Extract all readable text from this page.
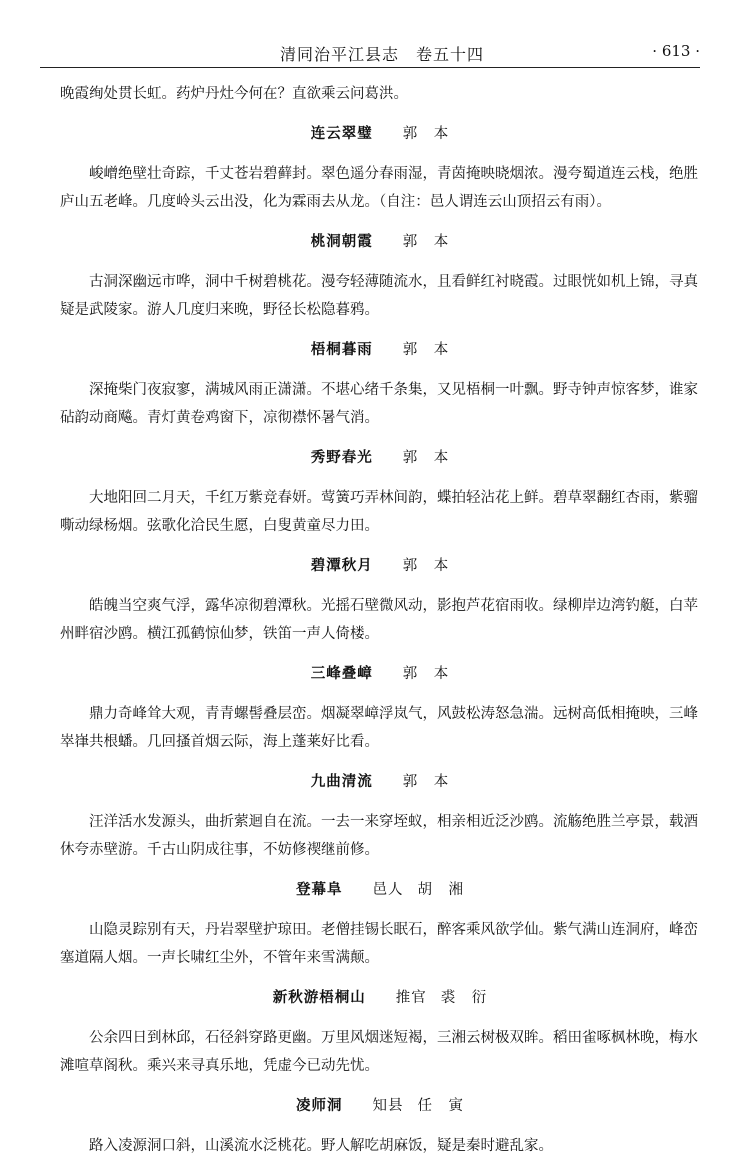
清同治平江县志　卷五十四	· 613 ·

晚霞绚处贯长虹。药炉丹灶今何在？直欲乘云问葛洪。

连云翠璧 郭　本

峻嶒绝壁壮奇踪，千丈苍岩碧藓封。翠色遥分春雨湿，青茵掩映晓烟浓。漫夸蜀道连云栈，绝胜庐山五老峰。几度岭头云出没，化为霖雨去从龙。（自注：邑人谓连云山顶招云有雨）。

桃洞朝霞 郭　本

古洞深幽远市哗，洞中千树碧桃花。漫夸轻薄随流水，且看鲜红衬晓霞。过眼恍如机上锦，寻真疑是武陵家。游人几度归来晚，野径长松隐暮鸦。

梧桐暮雨 郭　本

深掩柴门夜寂寥，满城风雨正潇潇。不堪心绪千条集，又见梧桐一叶飘。野寺钟声惊客梦，谁家砧韵动商飚。青灯黄卷鸡窗下，凉彻襟怀暑气消。

秀野春光 郭　本

大地阳回二月天，千红万紫竞春妍。莺簧巧弄林间韵，蝶拍轻沾花上鲜。碧草翠翻红杏雨，紫骝嘶动绿杨烟。弦歌化洽民生愿，白叟黄童尽力田。

碧潭秋月 郭　本

皓魄当空爽气浮，露华凉彻碧潭秋。光摇石壁微风动，影抱芦花宿雨收。绿柳岸边湾钓艇，白苹州畔宿沙鸥。横江孤鹤惊仙梦，铁笛一声人倚楼。

三峰叠嶂 郭　本

鼎力奇峰耸大观，青青螺髻叠层峦。烟凝翠嶂浮岚气，风鼓松涛怒急湍。远树高低相掩映，三峰崒嵂共根蟠。几回搔首烟云际，海上蓬莱好比看。

九曲清流 郭　本

汪洋活水发源头，曲折萦迴自在流。一去一来穿垤蚁，相亲相近泛沙鸥。流觞绝胜兰亭景，载酒休夸赤壁游。千古山阴成往事，不妨修禊继前修。

登幕阜 邑人 胡　湘

山隐灵踪别有天，丹岩翠壁护琼田。老僧挂锡长眠石，醉客乘风欲学仙。紫气满山连洞府，峰峦塞道隔人烟。一声长啸红尘外，不管年来雪满颠。

新秋游梧桐山 推官 裘　衍

公余四日到林邱，石径斜穿路更幽。万里风烟迷短褐，三湘云树极双眸。稻田雀啄枫林晚，梅水滩喧草阁秋。乘兴来寻真乐地，凭虚今已动先忧。

凌师洞 知县 任　寅

路入凌源洞口斜，山溪流水泛桃花。野人解吃胡麻饭，疑是秦时避乱家。
